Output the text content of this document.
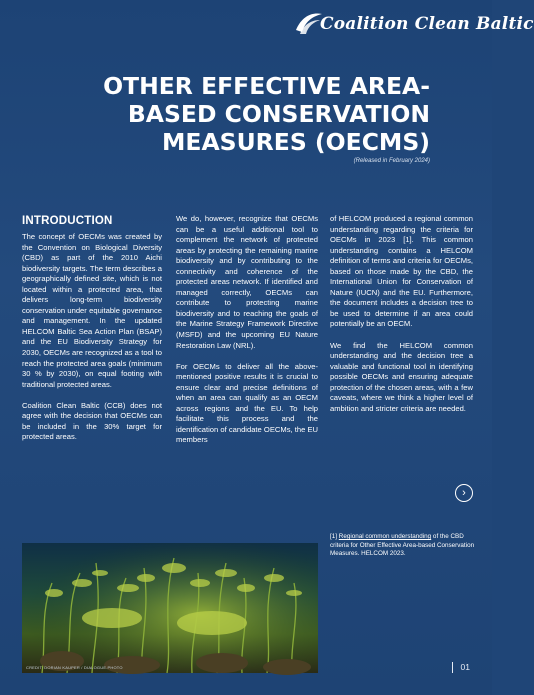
Coalition Clean Baltic
OTHER EFFECTIVE AREA-BASED CONSERVATION MEASURES (OECMS)
(Released in February 2024)
INTRODUCTION

The concept of OECMs was created by the Convention on Biological Diversity (CBD) as part of the 2010 Aichi biodiversity targets. The term describes a geographically defined site, which is not located within a protected area, that delivers long-term biodiversity conservation under equitable governance and management. In the updated HELCOM Baltic Sea Action Plan (BSAP) and the EU Biodiversity Strategy for 2030, OECMs are recognized as a tool to reach the protected area goals (minimum 30 % by 2030), on equal footing with traditional protected areas.

Coalition Clean Baltic (CCB) does not agree with the decision that OECMs can be included in the 30% target for protected areas.

We do, however, recognize that OECMs can be a useful additional tool to complement the network of protected areas by protecting the remaining marine biodiversity and by contributing to the connectivity and coherence of the protected areas network. If identified and managed correctly, OECMs can contribute to protecting marine biodiversity and to reaching the goals of the Marine Strategy Framework Directive (MSFD) and the upcoming EU Nature Restoration Law (NRL).

For OECMs to deliver all the above-mentioned positive results it is crucial to ensure clear and precise definitions of when an area can qualify as an OECM across regions and the EU. To help facilitate this process and the identification of candidate OECMs, the EU members

of HELCOM produced a regional common understanding regarding the criteria for OECMs in 2023 [1]. This common understanding contains a HELCOM definition of terms and criteria for OECMs, based on those made by the CBD, the International Union for Conservation of Nature (IUCN) and the EU. Furthermore, the document includes a decision tree to be used to determine if an area could potentially be an OECM.

We find the HELCOM common understanding and the decision tree a valuable and functional tool in identifying possible OECMs and ensuring adequate protection of the chosen areas, with a few caveats, where we think a higher level of ambition and stricter criteria are needed.

›
[1] Regional common understanding of the CBD criteria for Other Effective Area-based Conservation Measures. HELCOM 2023.
CREDIT: DORIAN KAUPER / DIALOGUE.PHOTO	01
